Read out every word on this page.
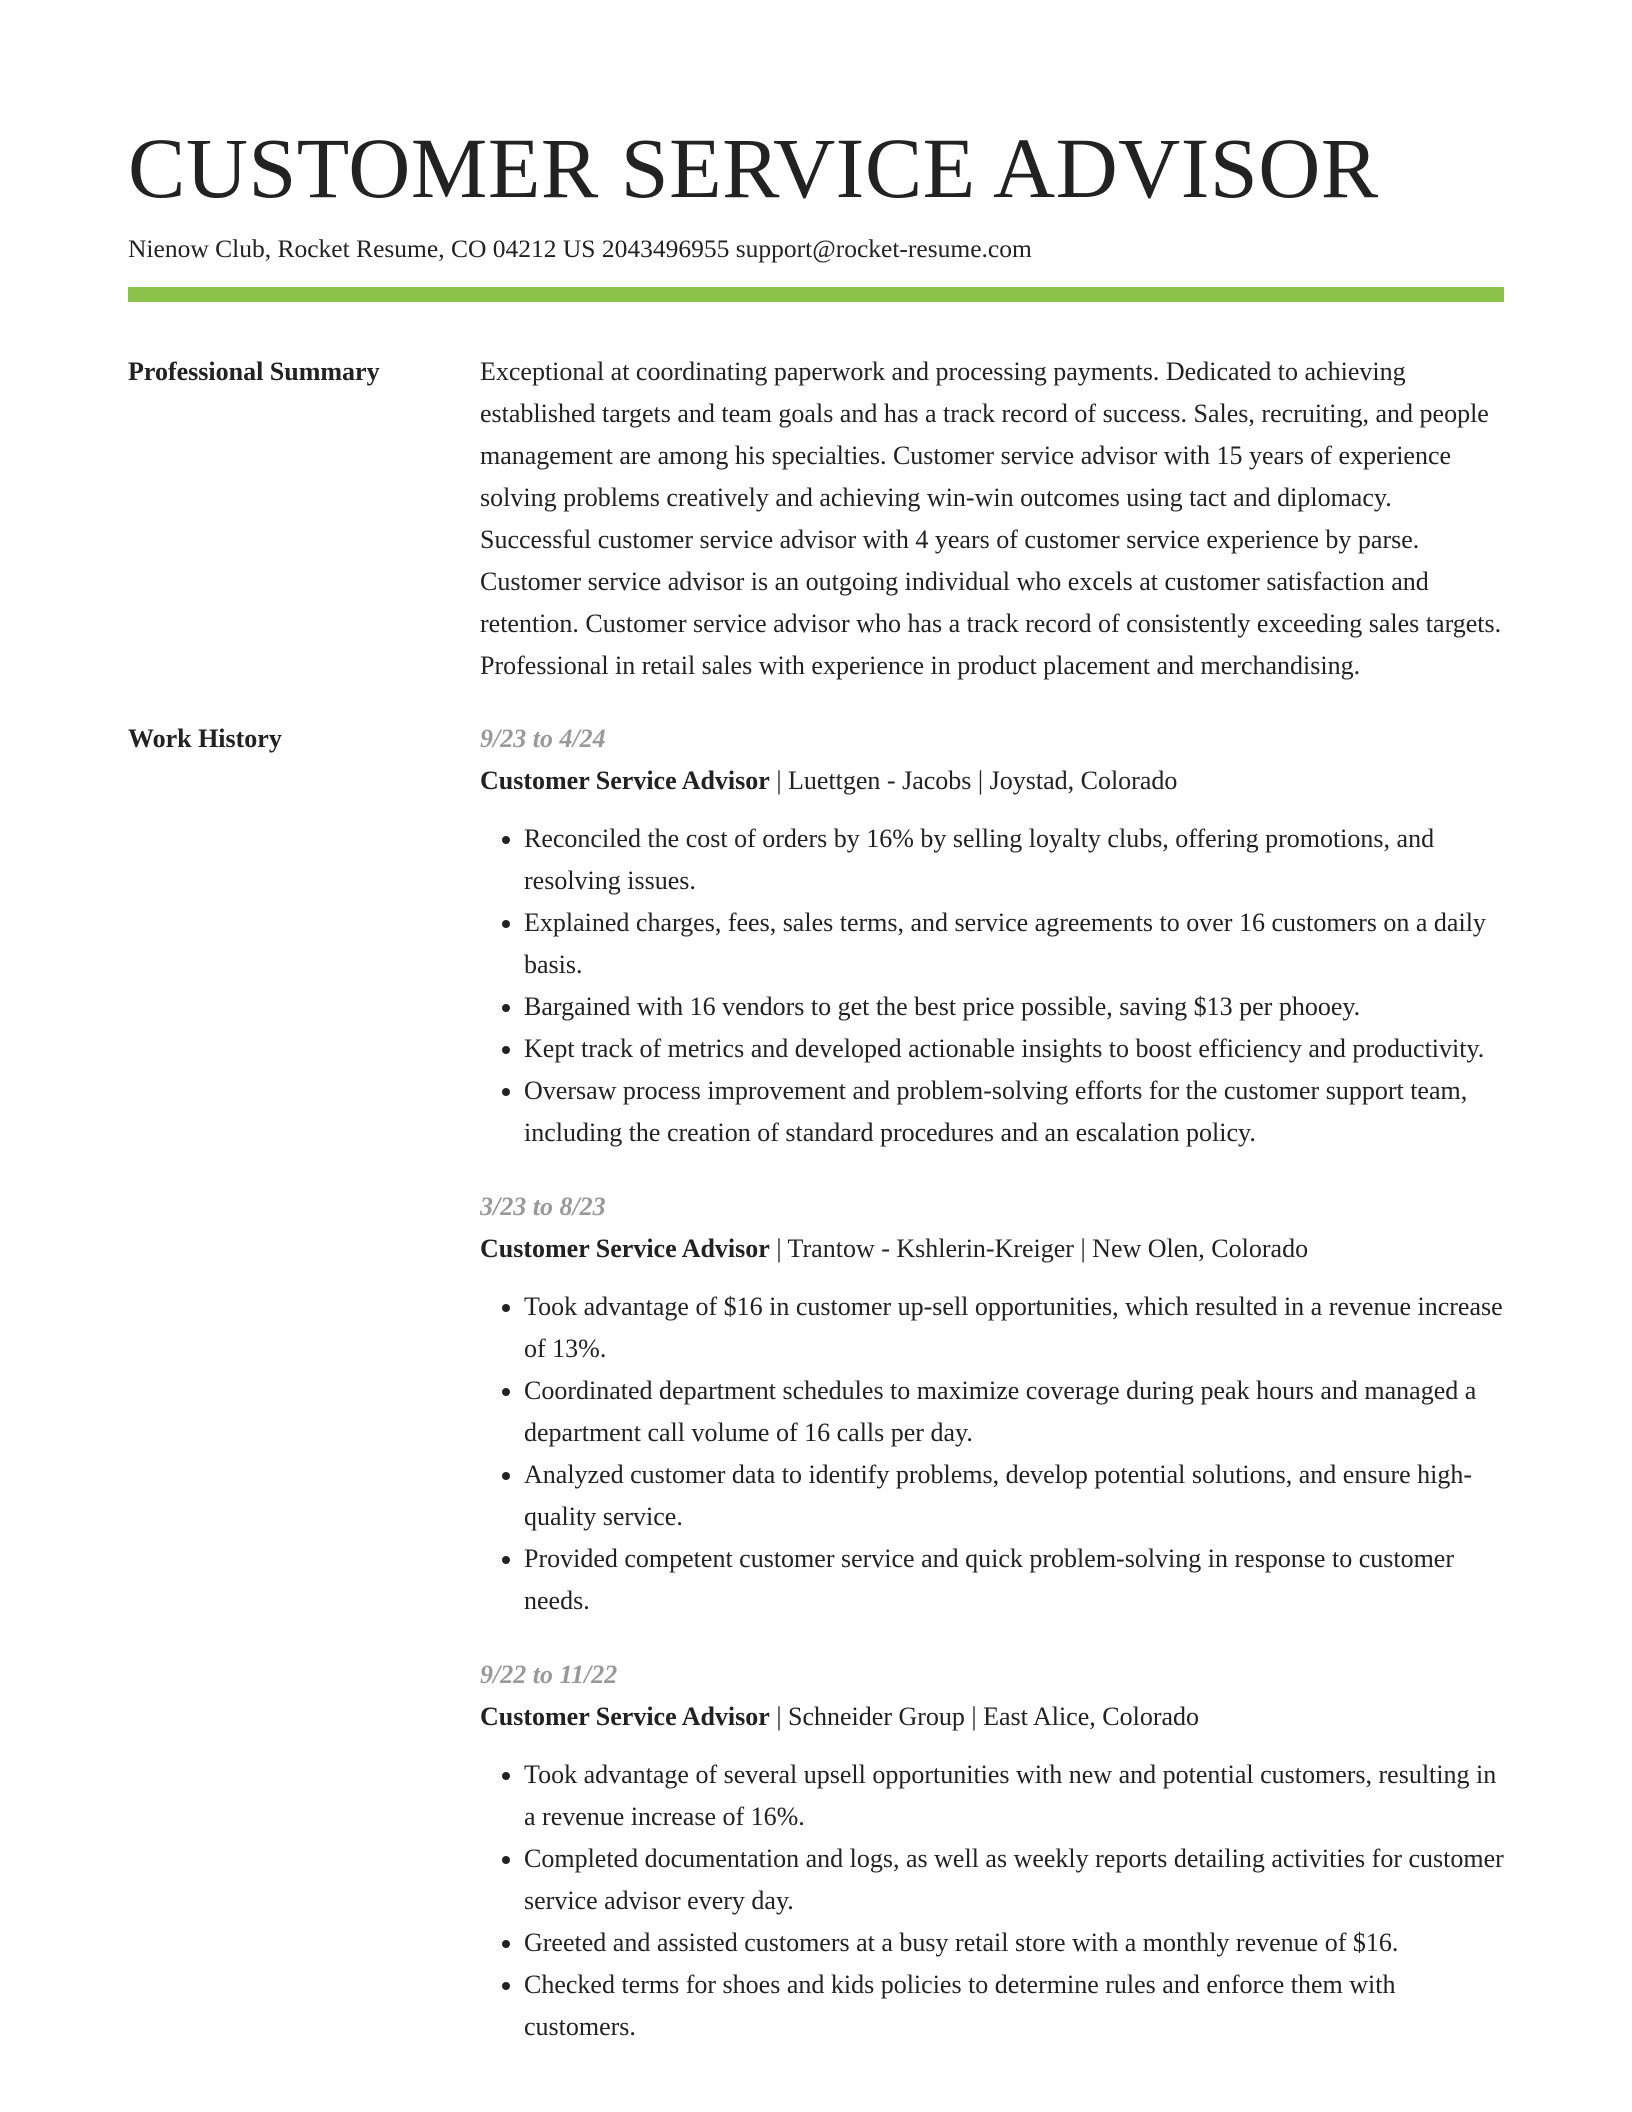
CUSTOMER SERVICE ADVISOR
Nienow Club, Rocket Resume, CO 04212 US 2043496955 support@rocket-resume.com
Professional Summary	Exceptional at coordinating paperwork and processing payments. Dedicated to achieving established targets and team goals and has a track record of success. Sales, recruiting, and people management are among his specialties. Customer service advisor with 15 years of experience solving problems creatively and achieving win-win outcomes using tact and diplomacy. Successful customer service advisor with 4 years of customer service experience by parse. Customer service advisor is an outgoing individual who excels at customer satisfaction and retention. Customer service advisor who has a track record of consistently exceeding sales targets. Professional in retail sales with experience in product placement and merchandising.
Work History	9/23 to 4/24
Customer Service Advisor | Luettgen - Jacobs | Joystad, Colorado
• Reconciled the cost of orders by 16% by selling loyalty clubs, offering promotions, and resolving issues.
• Explained charges, fees, sales terms, and service agreements to over 16 customers on a daily basis.
• Bargained with 16 vendors to get the best price possible, saving $13 per phooey.
• Kept track of metrics and developed actionable insights to boost efficiency and productivity.
• Oversaw process improvement and problem-solving efforts for the customer support team, including the creation of standard procedures and an escalation policy.
3/23 to 8/23
Customer Service Advisor | Trantow - Kshlerin-Kreiger | New Olen, Colorado
• Took advantage of $16 in customer up-sell opportunities, which resulted in a revenue increase of 13%.
• Coordinated department schedules to maximize coverage during peak hours and managed a department call volume of 16 calls per day.
• Analyzed customer data to identify problems, develop potential solutions, and ensure high-quality service.
• Provided competent customer service and quick problem-solving in response to customer needs.
9/22 to 11/22
Customer Service Advisor | Schneider Group | East Alice, Colorado
• Took advantage of several upsell opportunities with new and potential customers, resulting in a revenue increase of 16%.
• Completed documentation and logs, as well as weekly reports detailing activities for customer service advisor every day.
• Greeted and assisted customers at a busy retail store with a monthly revenue of $16.
• Checked terms for shoes and kids policies to determine rules and enforce them with customers.
